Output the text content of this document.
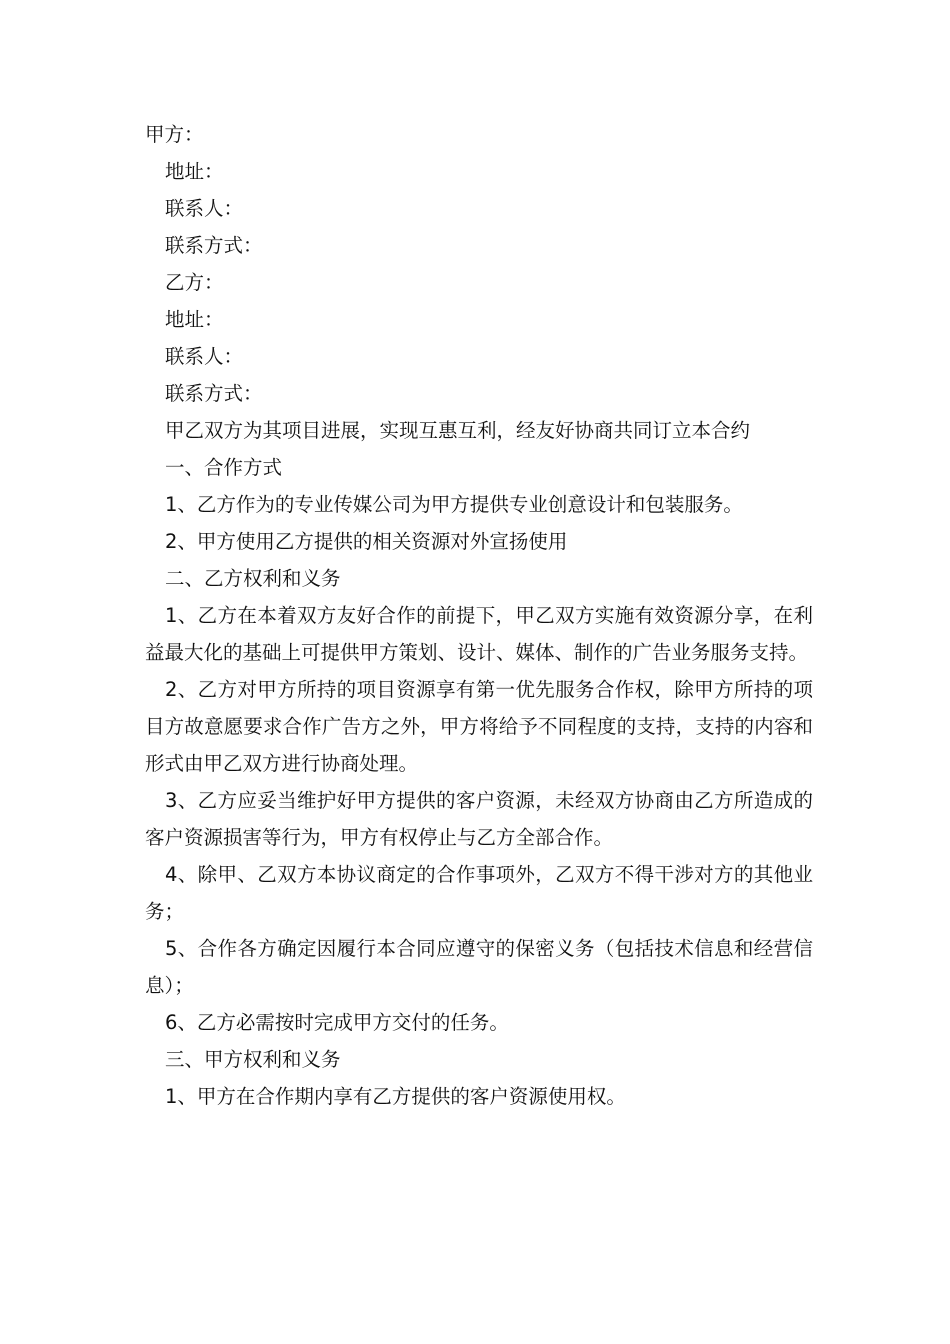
甲方：

地址：

联系人：

联系方式：

乙方：

地址：

联系人：

联系方式：

甲乙双方为其项目进展，实现互惠互利，经友好协商共同订立本合约

一、合作方式

1、乙方作为的专业传媒公司为甲方提供专业创意设计和包装服务。

2、甲方使用乙方提供的相关资源对外宣扬使用

二、乙方权利和义务

1、乙方在本着双方友好合作的前提下，甲乙双方实施有效资源分享，在利益最大化的基础上可提供甲方策划、设计、媒体、制作的广告业务服务支持。

2、乙方对甲方所持的项目资源享有第一优先服务合作权，除甲方所持的项目方故意愿要求合作广告方之外，甲方将给予不同程度的支持，支持的内容和形式由甲乙双方进行协商处理。

3、乙方应妥当维护好甲方提供的客户资源，未经双方协商由乙方所造成的客户资源损害等行为，甲方有权停止与乙方全部合作。

4、除甲、乙双方本协议商定的合作事项外，乙双方不得干涉对方的其他业务；

5、合作各方确定因履行本合同应遵守的保密义务（包括技术信息和经营信息）；

6、乙方必需按时完成甲方交付的任务。

三、甲方权利和义务

1、甲方在合作期内享有乙方提供的客户资源使用权。
